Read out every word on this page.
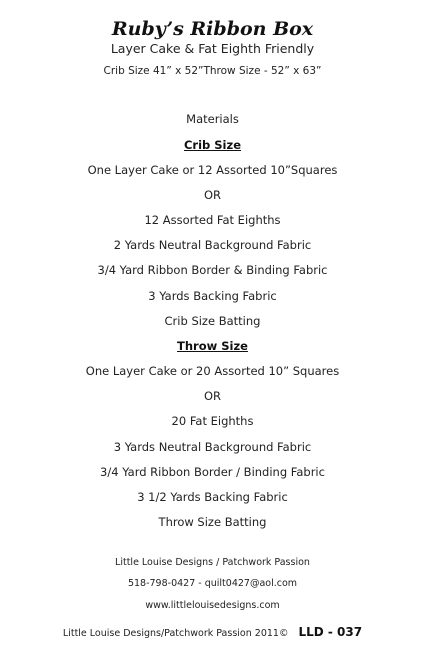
Ruby’s Ribbon Box
Layer Cake & Fat Eighth Friendly
Crib Size 41” x 52”Throw Size - 52” x 63”
Materials
Crib Size
One Layer Cake or 12 Assorted 10”Squares
OR
12 Assorted Fat Eighths
2 Yards Neutral Background Fabric
3/4 Yard Ribbon Border & Binding Fabric
3 Yards Backing Fabric
Crib Size Batting
Throw Size
One Layer Cake or 20 Assorted 10” Squares
OR
20 Fat Eighths
3 Yards Neutral Background Fabric
3/4 Yard Ribbon Border / Binding Fabric
3 1/2 Yards Backing Fabric
Throw Size Batting
Little Louise Designs / Patchwork Passion
518-798-0427 - quilt0427@aol.com
www.littlelouisedesigns.com
Little Louise Designs/Patchwork Passion 2011© LLD - 037
